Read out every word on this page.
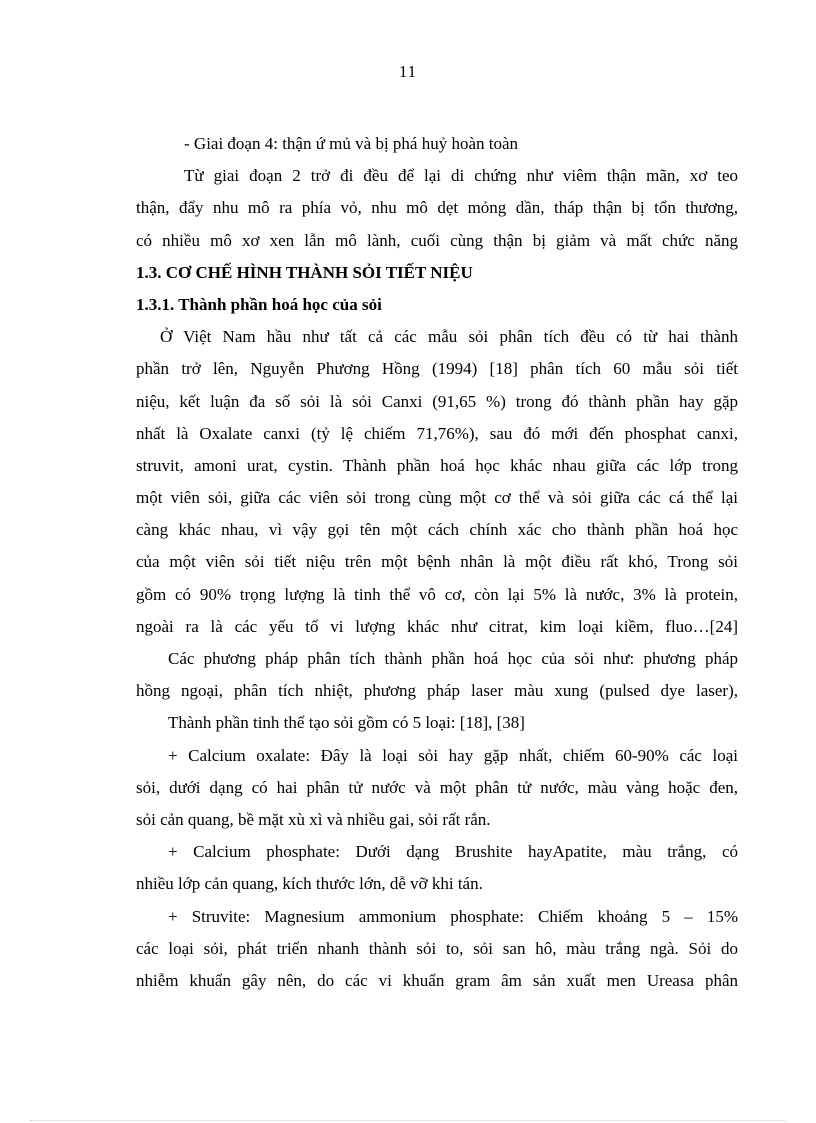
11
- Giai đoạn 4: thận ứ mủ và bị phá huỷ hoàn toàn
Từ giai đoạn 2 trở đi đều để lại di chứng như viêm thận mãn, xơ teo
thận, đẩy nhu mô ra phía vỏ, nhu mô dẹt mỏng dần, tháp thận bị tổn thương,
có nhiều mô xơ xen lẫn mô lành, cuối cùng thận bị giảm và mất chức năng
1.3. CƠ CHẾ HÌNH THÀNH SỎI TIẾT NIỆU
1.3.1. Thành phần hoá học của sỏi
Ở Việt Nam hầu như tất cả các mẫu sỏi phân tích đều có từ hai thành
phần trở lên, Nguyễn Phương Hồng (1994) [18] phân tích 60 mẫu sỏi tiết
niệu, kết luận đa số sỏi là sỏi Canxi (91,65 %) trong đó thành phần hay gặp
nhất là Oxalate canxi (tỷ lệ chiếm 71,76%), sau đó mới đến phosphat canxi,
struvit, amoni urat, cystin. Thành phần hoá học khác nhau giữa các lớp trong
một viên sỏi, giữa các viên sỏi trong cùng một cơ thể và sỏi giữa các cá thể lại
càng khác nhau, vì vậy gọi tên một cách chính xác cho thành phần hoá học
của một viên sỏi tiết niệu trên một bệnh nhân là một điều rất khó, Trong sỏi
gồm có 90% trọng lượng là tinh thể vô cơ, còn lại 5% là nước, 3% là protein,
ngoài ra là các yếu tố vi lượng khác như citrat, kim loại kiềm, fluo…[24]
Các phương pháp phân tích thành phần hoá học của sỏi như: phương pháp
hồng ngoại, phân tích nhiệt, phương pháp laser màu xung (pulsed dye laser),
Thành phần tinh thể tạo sỏi gồm có 5 loại: [18], [38]
+ Calcium oxalate: Đây là loại sỏi hay gặp nhất, chiếm 60-90% các loại
sỏi, dưới dạng có hai phân tử nước và một phân tử nước, màu vàng hoặc đen,
sỏi cản quang, bề mặt xù xì và nhiều gai, sỏi rất rắn.
+ Calcium phosphate: Dưới dạng Brushite hayApatite, màu trắng, có
nhiều lớp cản quang, kích thước lớn, dễ vỡ khi tán.
+ Struvite: Magnesium ammonium phosphate: Chiếm khoảng 5 – 15%
các loại sỏi, phát triển nhanh thành sỏi to, sỏi san hô, màu trắng ngà. Sỏi do
nhiễm khuẩn gây nên, do các vi khuẩn gram âm sản xuất men Ureasa phân
